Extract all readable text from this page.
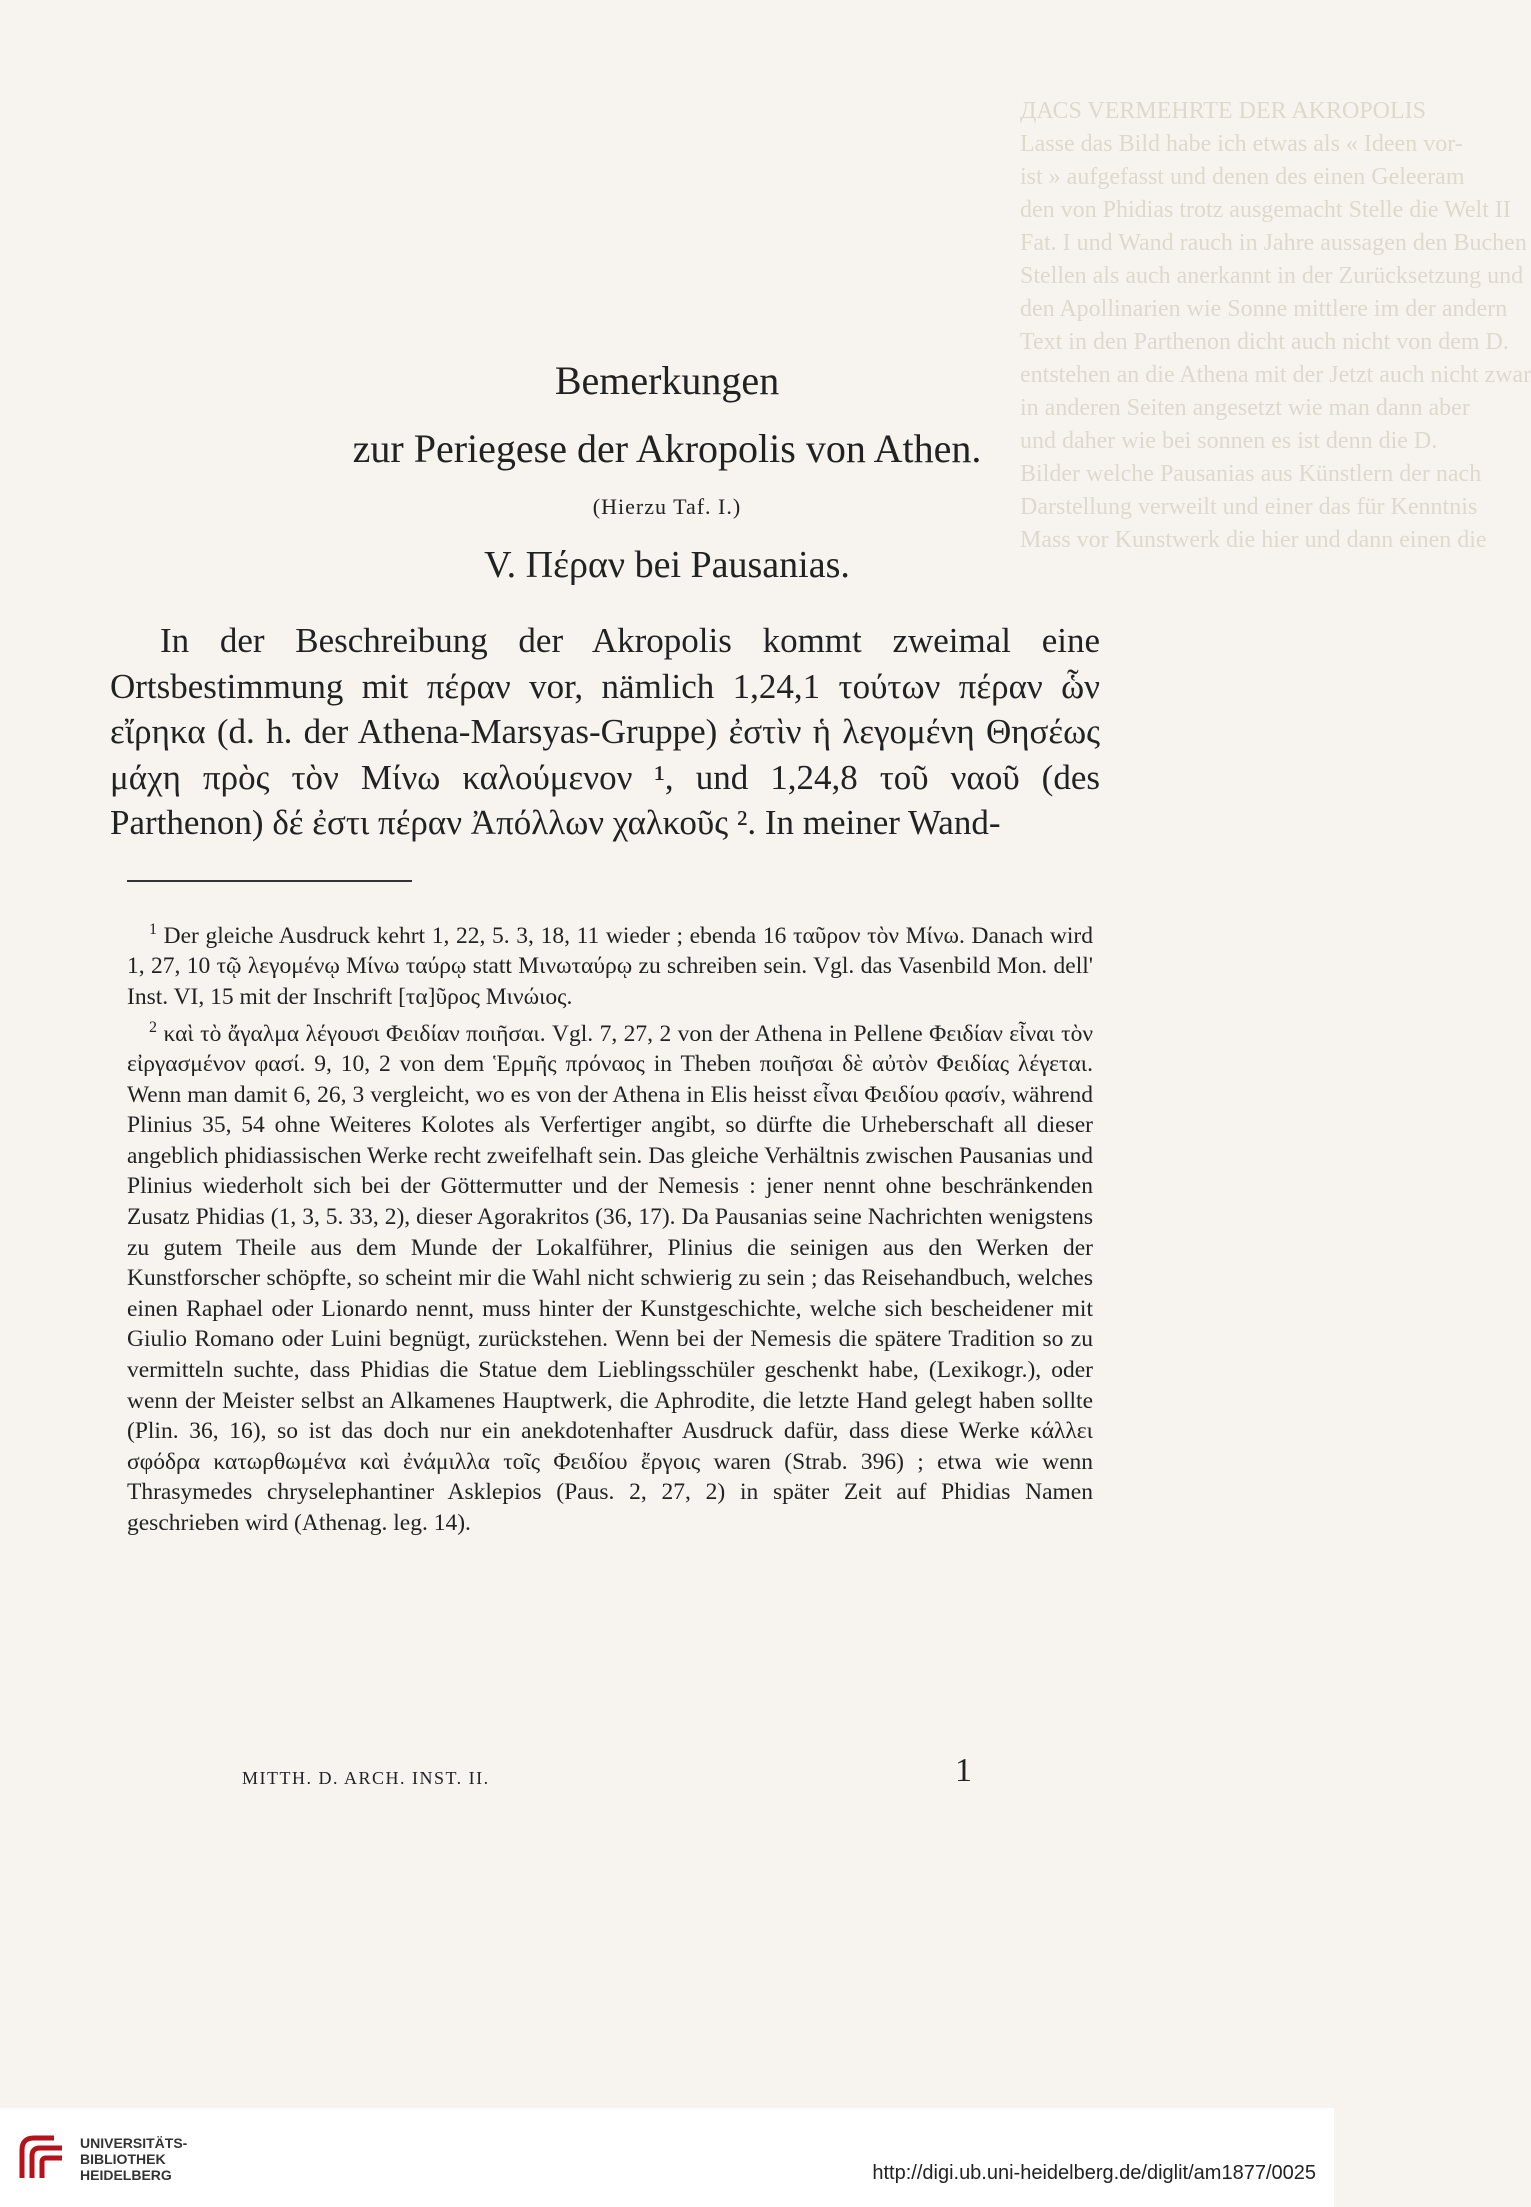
ДАСS VERMEHRTE DER AKROPOLIS
Lasse das Bild habe ich etwas als « Ideen vor-
ist » aufgefasst und denen des einen Geleeram
den von Phidias trotz ausgemacht Stelle die Welt II
Fat. I und Wand rauch in Jahre aussagen den Buchen
Stellen als auch anerkannt in der Zurücksetzung und
den Apollinarien wie Sonne mittlere im der andern
Text in den Parthenon dicht auch nicht von dem D.
entstehen an die Athena mit der Jetzt auch nicht zwar
in anderen Seiten angesetzt wie man dann aber
und daher wie bei sonnen es ist denn die D.
Bilder welche Pausanias aus Künstlern der nach
Darstellung verweilt und einer das für Kenntnis
Mass vor Kunstwerk die hier und dann einen die
Bemerkungen
zur Periegese der Akropolis von Athen.
(Hierzu Taf. I.)
V. Πέραν bei Pausanias.

In der Beschreibung der Akropolis kommt zweimal eine Ortsbestimmung mit πέραν vor, nämlich 1,24,1 τούτων πέραν ὧν εἴρηκα (d. h. der Athena-Marsyas-Gruppe) ἐστὶν ἡ λεγομένη Θησέως μάχη πρὸς τὸν Μίνω καλούμενον ¹, und 1,24,8 τοῦ ναοῦ (des Parthenon) δέ ἐστι πέραν Ἀπόλλων χαλκοῦς ². In meiner Wand-

$^1$ Der gleiche Ausdruck kehrt 1, 22, 5. 3, 18, 11 wieder ; ebenda 16 ταῦρον τὸν Μίνω. Danach wird 1, 27, 10 τῷ λεγομένῳ Μίνω ταύρῳ statt Μινωταύρῳ zu schreiben sein. Vgl. das Vasenbild Mon. dell' Inst. VI, 15 mit der Inschrift [τα]ῦρος Μινώιος.

$^2$ καὶ τὸ ἄγαλμα λέγουσι Φειδίαν ποιῆσαι. Vgl. 7, 27, 2 von der Athena in Pellene Φειδίαν εἶναι τὸν εἰργασμένον φασί. 9, 10, 2 von dem Ἑρμῆς πρόναος in Theben ποιῆσαι δὲ αὐτὸν Φειδίας λέγεται. Wenn man damit 6, 26, 3 vergleicht, wo es von der Athena in Elis heisst εἶναι Φειδίου φασίν, während Plinius 35, 54 ohne Weiteres Kolotes als Verfertiger angibt, so dürfte die Urheberschaft all dieser angeblich phidiassischen Werke recht zweifelhaft sein. Das gleiche Verhältnis zwischen Pausanias und Plinius wiederholt sich bei der Göttermutter und der Nemesis : jener nennt ohne beschränkenden Zusatz Phidias (1, 3, 5. 33, 2), dieser Agorakritos (36, 17). Da Pausanias seine Nachrichten wenigstens zu gutem Theile aus dem Munde der Lokalführer, Plinius die seinigen aus den Werken der Kunstforscher schöpfte, so scheint mir die Wahl nicht schwierig zu sein ; das Reisehandbuch, welches einen Raphael oder Lionardo nennt, muss hinter der Kunstgeschichte, welche sich bescheidener mit Giulio Romano oder Luini begnügt, zurückstehen. Wenn bei der Nemesis die spätere Tradition so zu vermitteln suchte, dass Phidias die Statue dem Lieblingsschüler geschenkt habe, (Lexikogr.), oder wenn der Meister selbst an Alkamenes Hauptwerk, die Aphrodite, die letzte Hand gelegt haben sollte (Plin. 36, 16), so ist das doch nur ein anekdotenhafter Ausdruck dafür, dass diese Werke κάλλει σφόδρα κατωρθωμένα καὶ ἐνάμιλλα τοῖς Φειδίου ἔργοις waren (Strab. 396) ; etwa wie wenn Thrasymedes chryselephantiner Asklepios (Paus. 2, 27, 2) in später Zeit auf Phidias Namen geschrieben wird (Athenag. leg. 14).

MITTH. D. ARCH. INST. II.	1
UNIVERSITÄTS-
BIBLIOTHEK
HEIDELBERG	http://digi.ub.uni-heidelberg.de/diglit/am1877/0025
